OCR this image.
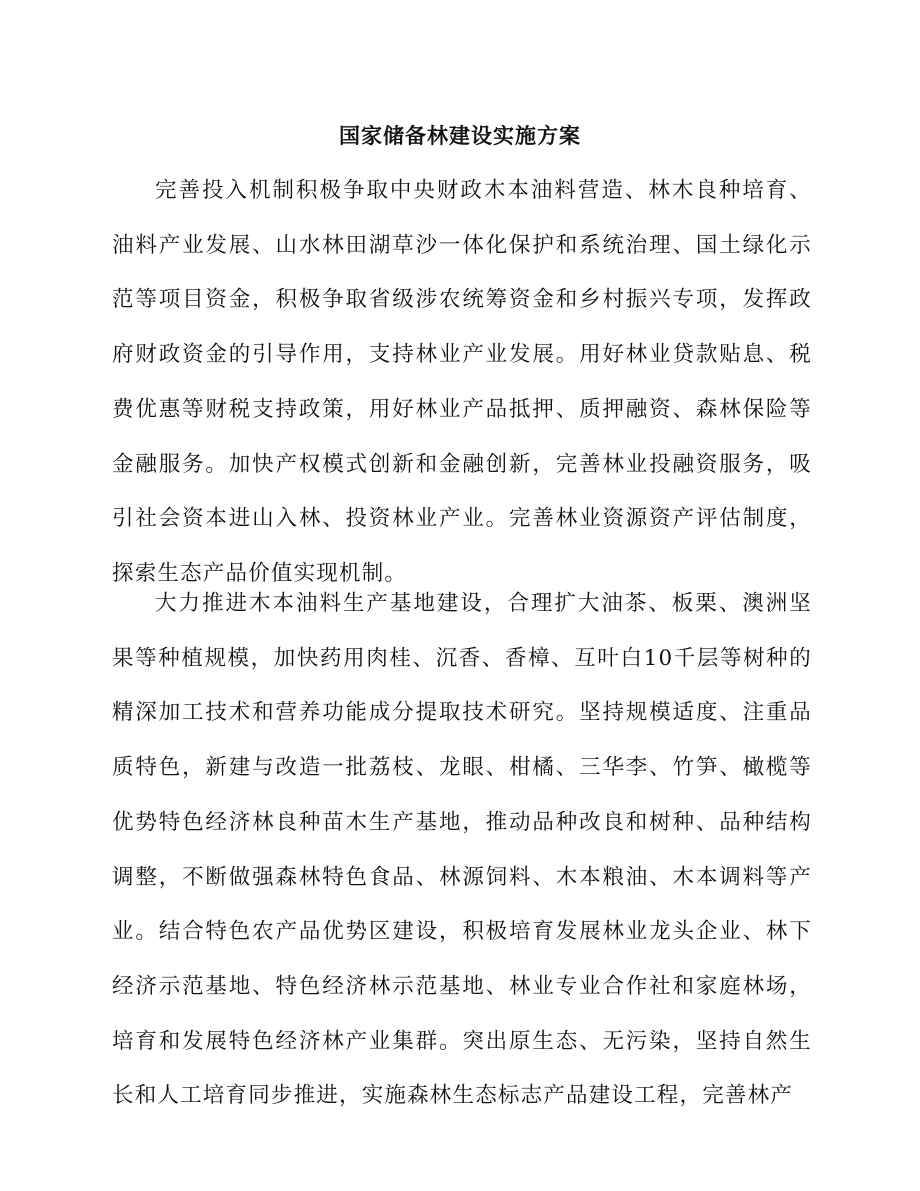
国家储备林建设实施方案

完善投入机制积极争取中央财政木本油料营造、林木良种培育、油料产业发展、山水林田湖草沙一体化保护和系统治理、国土绿化示范等项目资金，积极争取省级涉农统筹资金和乡村振兴专项，发挥政府财政资金的引导作用，支持林业产业发展。用好林业贷款贴息、税费优惠等财税支持政策，用好林业产品抵押、质押融资、森林保险等金融服务。加快产权模式创新和金融创新，完善林业投融资服务，吸引社会资本进山入林、投资林业产业。完善林业资源资产评估制度，探索生态产品价值实现机制。

大力推进木本油料生产基地建设，合理扩大油茶、板栗、澳洲坚果等种植规模，加快药用肉桂、沉香、香樟、互叶白10千层等树种的精深加工技术和营养功能成分提取技术研究。坚持规模适度、注重品质特色，新建与改造一批荔枝、龙眼、柑橘、三华李、竹笋、橄榄等优势特色经济林良种苗木生产基地，推动品种改良和树种、品种结构调整，不断做强森林特色食品、林源饲料、木本粮油、木本调料等产业。结合特色农产品优势区建设，积极培育发展林业龙头企业、林下经济示范基地、特色经济林示范基地、林业专业合作社和家庭林场，培育和发展特色经济林产业集群。突出原生态、无污染，坚持自然生长和人工培育同步推进，实施森林生态标志产品建设工程，完善林产
